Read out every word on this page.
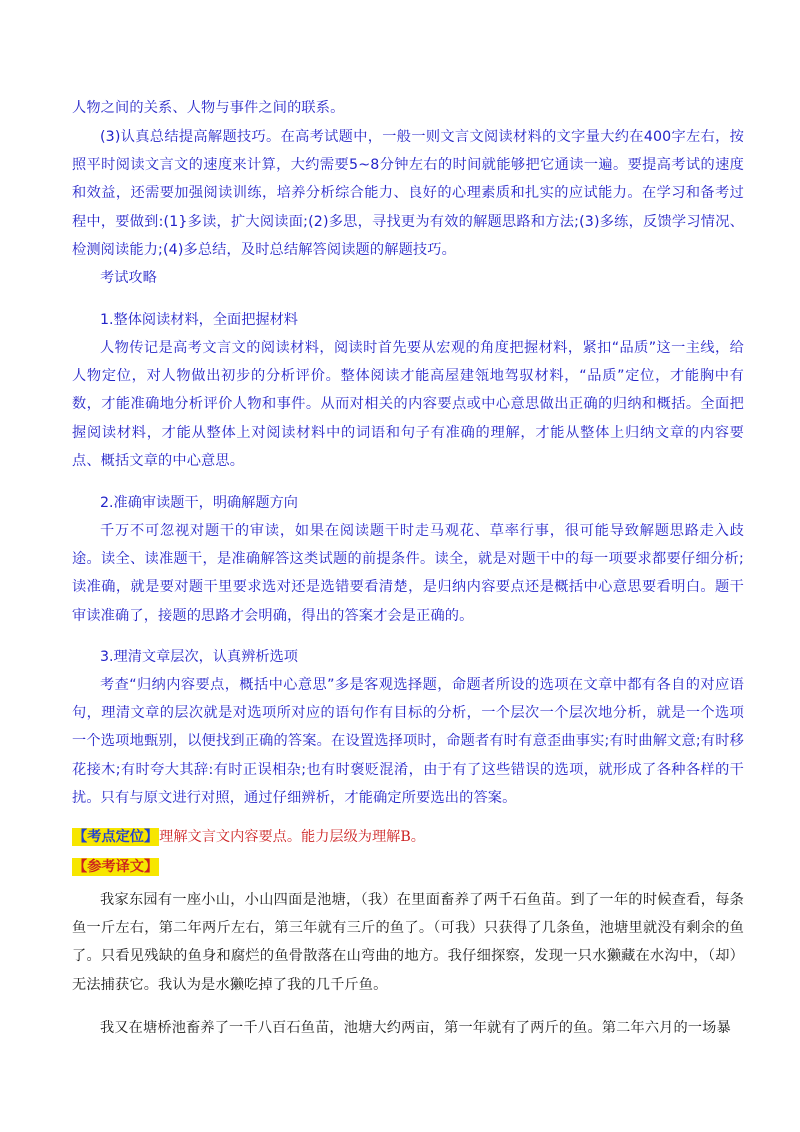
人物之间的关系、人物与事件之间的联系。

(3)认真总结提高解题技巧。在高考试题中，一般一则文言文阅读材料的文字量大约在400字左右，按照平时阅读文言文的速度来计算，大约需要5~8分钟左右的时间就能够把它通读一遍。要提高考试的速度和效益，还需要加强阅读训练，培养分析综合能力、良好的心理素质和扎实的应试能力。在学习和备考过程中，要做到:(1}多读，扩大阅读面;(2)多思，寻找更为有效的解题思路和方法;(3)多练，反馈学习情况、检测阅读能力;(4)多总结，及时总结解答阅读题的解题技巧。

考试攻略

1.整体阅读材料，全面把握材料

人物传记是高考文言文的阅读材料，阅读时首先要从宏观的角度把握材料，紧扣“品质”这一主线，给人物定位，对人物做出初步的分析评价。整体阅读才能高屋建瓴地驾驭材料，“品质”定位，才能胸中有数，才能准确地分析评价人物和事件。从而对相关的内容要点或中心意思做出正确的归纳和概括。全面把握阅读材料，才能从整体上对阅读材料中的词语和句子有准确的理解，才能从整体上归纳文章的内容要点、概括文章的中心意思。

2.准确审读题干，明确解题方向

千万不可忽视对题干的审读，如果在阅读题干时走马观花、草率行事，很可能导致解题思路走入歧途。读全、读准题干，是准确解答这类试题的前提条件。读全，就是对题干中的每一项要求都要仔细分析;读准确，就是要对题干里要求选对还是选错要看清楚，是归纳内容要点还是概括中心意思要看明白。题干审读准确了，接题的思路才会明确，得出的答案才会是正确的。

3.理清文章层次，认真辨析选项

考查“归纳内容要点，概括中心意思”多是客观选择题，命题者所设的选项在文章中都有各自的对应语句，理清文章的层次就是对选项所对应的语句作有目标的分析，一个层次一个层次地分析，就是一个选项一个选项地甄别，以便找到正确的答案。在设置选择项时，命题者有时有意歪曲事实;有时曲解文意;有时移花接木;有时夸大其辞:有时正误相杂;也有时褒贬混淆，由于有了这些错误的选项，就形成了各种各样的干扰。只有与原文进行对照，通过仔细辨析，才能确定所要选出的答案。

【考点定位】理解文言文内容要点。能力层级为理解B。

【参考译文】

我家东园有一座小山，小山四面是池塘，（我）在里面畜养了两千石鱼苗。到了一年的时候查看，每条鱼一斤左右，第二年两斤左右，第三年就有三斤的鱼了。（可我）只获得了几条鱼，池塘里就没有剩余的鱼了。只看见残缺的鱼身和腐烂的鱼骨散落在山弯曲的地方。我仔细探察，发现一只水獭藏在水沟中，（却）无法捕获它。我认为是水獭吃掉了我的几千斤鱼。

我又在塘桥池畜养了一千八百石鱼苗，池塘大约两亩，第一年就有了两斤的鱼。第二年六月的一场暴
